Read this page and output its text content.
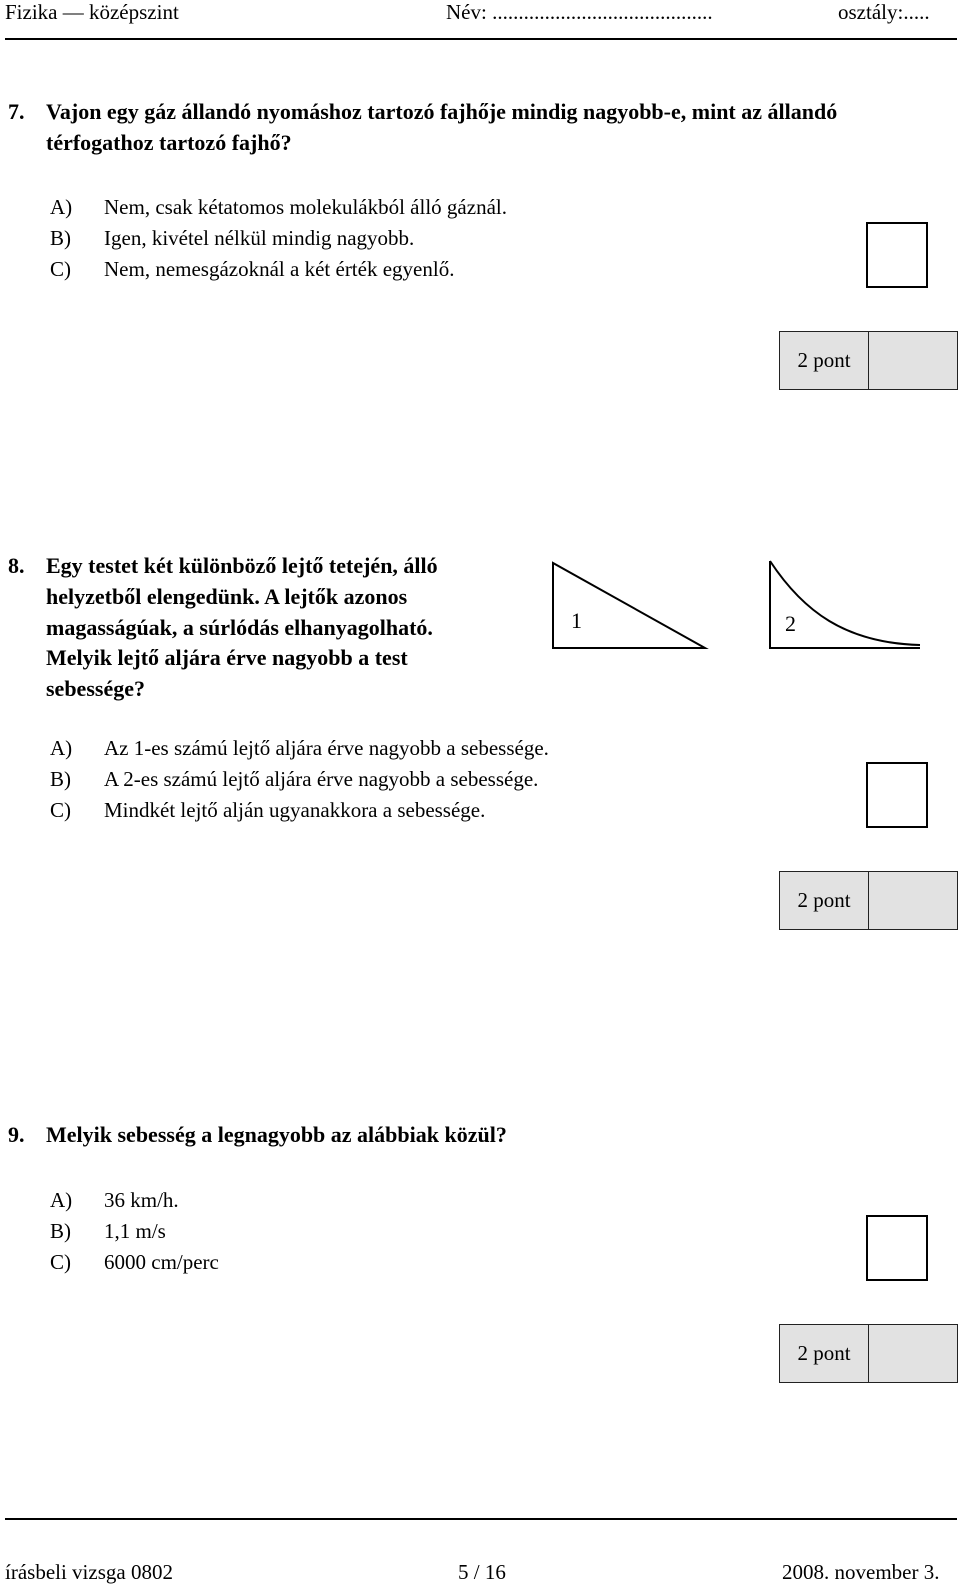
Fizika — középszint	Név: ..........................................	osztály:.....
7. Vajon egy gáz állandó nyomáshoz tartozó fajhője mindig nagyobb-e, mint az állandó
térfogathoz tartozó fajhő?
A) Nem, csak kétatomos molekulákból álló gáznál.
B) Igen, kivétel nélkül mindig nagyobb.
C) Nem, nemesgázoknál a két érték egyenlő.
2 pont
8. Egy testet két különböző lejtő tetején, álló
helyzetből elengedünk. A lejtők azonos
magasságúak, a súrlódás elhanyagolható.
Melyik lejtő aljára érve nagyobb a test
sebessége?
1	2
A) Az 1-es számú lejtő aljára érve nagyobb a sebessége.
B) A 2-es számú lejtő aljára érve nagyobb a sebessége.
C) Mindkét lejtő alján ugyanakkora a sebessége.
2 pont
9. Melyik sebesség a legnagyobb az alábbiak közül?
A) 36 km/h.
B) 1,1 m/s
C) 6000 cm/perc
2 pont
írásbeli vizsga 0802	5 / 16	2008. november 3.
